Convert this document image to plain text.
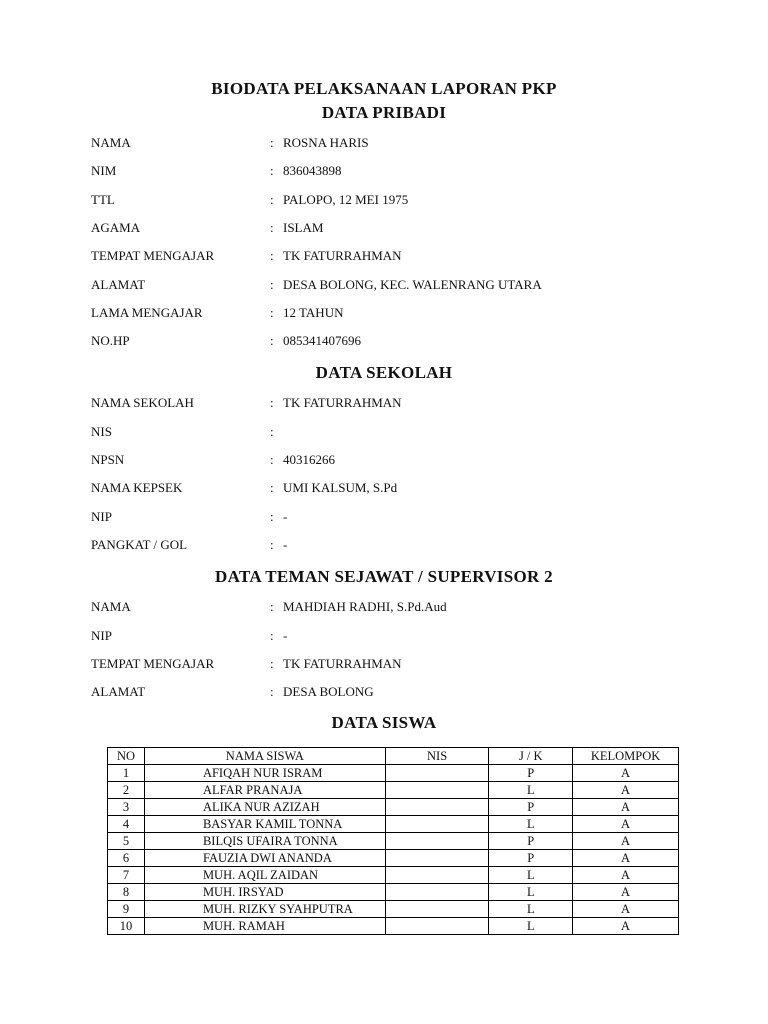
BIODATA PELAKSANAAN LAPORAN PKP
DATA PRIBADI
NAMA	: ROSNA HARIS
NIM	: 836043898
TTL	: PALOPO, 12 MEI 1975
AGAMA	: ISLAM
TEMPAT MENGAJAR	: TK FATURRAHMAN
ALAMAT	: DESA BOLONG, KEC. WALENRANG UTARA
LAMA MENGAJAR	: 12 TAHUN
NO.HP	: 085341407696
DATA SEKOLAH
NAMA SEKOLAH	: TK FATURRAHMAN
NIS	:
NPSN	: 40316266
NAMA KEPSEK	: UMI KALSUM, S.Pd
NIP	: -
PANGKAT / GOL	: -
DATA TEMAN SEJAWAT / SUPERVISOR 2
NAMA	: MAHDIAH RADHI, S.Pd.Aud
NIP	: -
TEMPAT MENGAJAR	: TK FATURRAHMAN
ALAMAT	: DESA BOLONG
DATA SISWA
NO	NAMA SISWA	NIS	J / K	KELOMPOK
1	AFIQAH NUR ISRAM		P	A
2	ALFAR PRANAJA		L	A
3	ALIKA NUR AZIZAH		P	A
4	BASYAR KAMIL TONNA		L	A
5	BILQIS UFAIRA TONNA		P	A
6	FAUZIA DWI ANANDA		P	A
7	MUH. AQIL ZAIDAN		L	A
8	MUH. IRSYAD		L	A
9	MUH. RIZKY SYAHPUTRA		L	A
10	MUH. RAMAH		L	A
